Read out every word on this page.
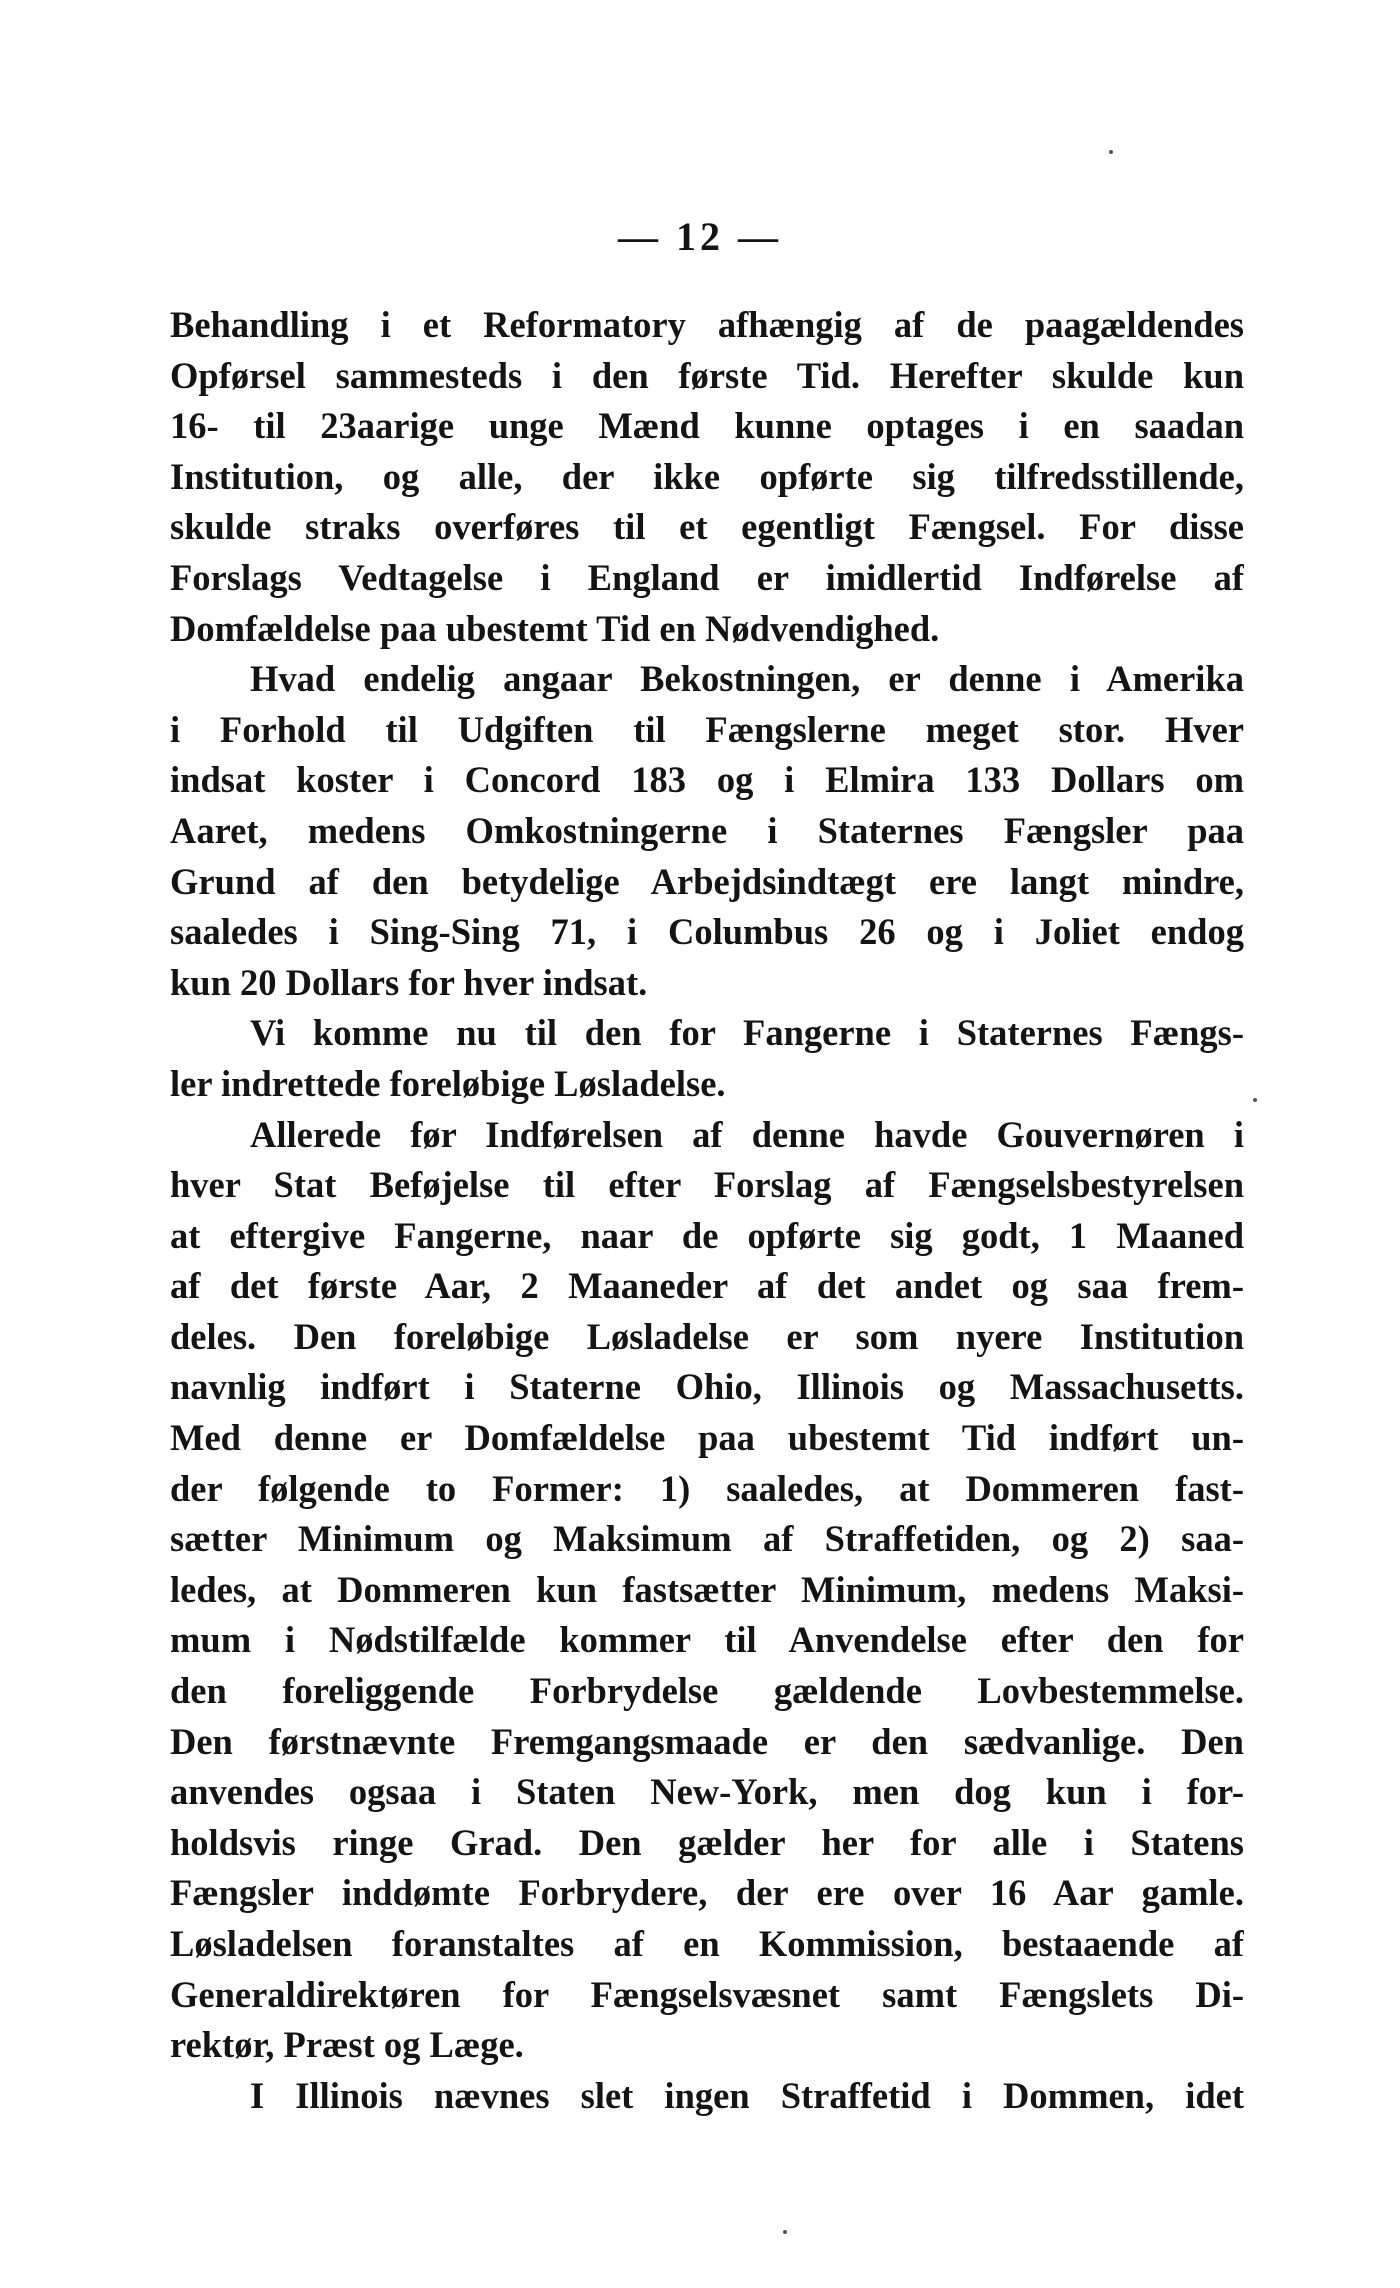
— 12 —
Behandling i et Reformatory afhængig af de paagældendes
Opførsel sammesteds i den første Tid. Herefter skulde kun
16- til 23aarige unge Mænd kunne optages i en saadan
Institution, og alle, der ikke opførte sig tilfredsstillende,
skulde straks overføres til et egentligt Fængsel. For disse
Forslags Vedtagelse i England er imidlertid Indførelse af
Domfældelse paa ubestemt Tid en Nødvendighed.
Hvad endelig angaar Bekostningen, er denne i Amerika
i Forhold til Udgiften til Fængslerne meget stor. Hver
indsat koster i Concord 183 og i Elmira 133 Dollars om
Aaret, medens Omkostningerne i Staternes Fængsler paa
Grund af den betydelige Arbejdsindtægt ere langt mindre,
saaledes i Sing-Sing 71, i Columbus 26 og i Joliet endog
kun 20 Dollars for hver indsat.
Vi komme nu til den for Fangerne i Staternes Fængs-
ler indrettede foreløbige Løsladelse.
Allerede før Indførelsen af denne havde Gouvernøren i
hver Stat Beføjelse til efter Forslag af Fængselsbestyrelsen
at eftergive Fangerne, naar de opførte sig godt, 1 Maaned
af det første Aar, 2 Maaneder af det andet og saa frem-
deles. Den foreløbige Løsladelse er som nyere Institution
navnlig indført i Staterne Ohio, Illinois og Massachusetts.
Med denne er Domfældelse paa ubestemt Tid indført un-
der følgende to Former: 1) saaledes, at Dommeren fast-
sætter Minimum og Maksimum af Straffetiden, og 2) saa-
ledes, at Dommeren kun fastsætter Minimum, medens Maksi-
mum i Nødstilfælde kommer til Anvendelse efter den for
den foreliggende Forbrydelse gældende Lovbestemmelse.
Den førstnævnte Fremgangsmaade er den sædvanlige. Den
anvendes ogsaa i Staten New-York, men dog kun i for-
holdsvis ringe Grad. Den gælder her for alle i Statens
Fængsler inddømte Forbrydere, der ere over 16 Aar gamle.
Løsladelsen foranstaltes af en Kommission, bestaaende af
Generaldirektøren for Fængselsvæsnet samt Fængslets Di-
rektør, Præst og Læge.
I Illinois nævnes slet ingen Straffetid i Dommen, idet
